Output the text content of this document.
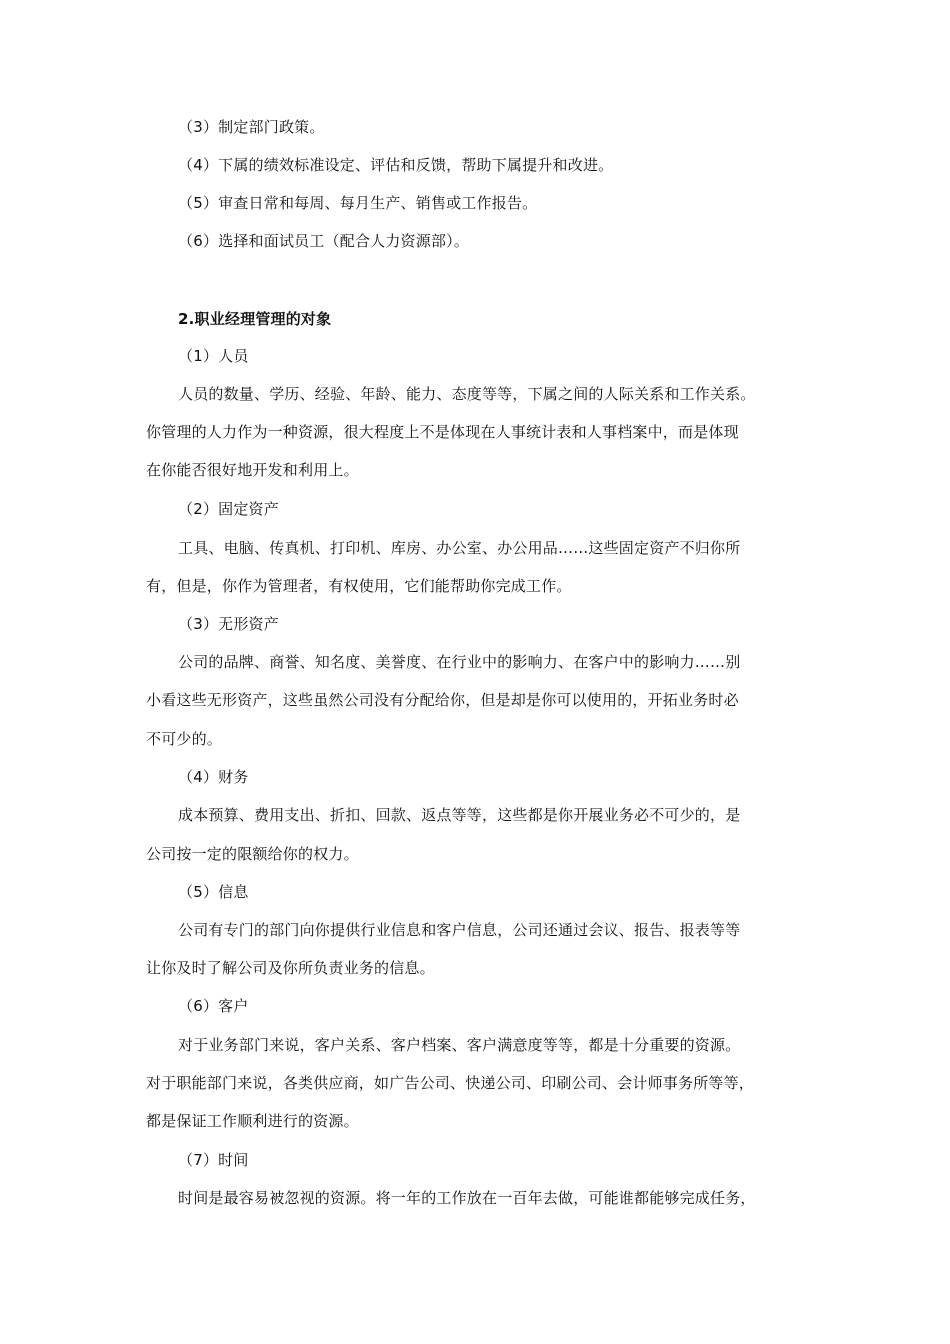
（3）制定部门政策。
（4）下属的绩效标准设定、评估和反馈，帮助下属提升和改进。
（5）审查日常和每周、每月生产、销售或工作报告。
（6）选择和面试员工（配合人力资源部）。
2.职业经理管理的对象
（1）人员
人员的数量、学历、经验、年龄、能力、态度等等，下属之间的人际关系和工作关系。
你管理的人力作为一种资源，很大程度上不是体现在人事统计表和人事档案中，而是体现
在你能否很好地开发和利用上。
（2）固定资产
工具、电脑、传真机、打印机、库房、办公室、办公用品……这些固定资产不归你所
有，但是，你作为管理者，有权使用，它们能帮助你完成工作。
（3）无形资产
公司的品牌、商誉、知名度、美誉度、在行业中的影响力、在客户中的影响力……别
小看这些无形资产，这些虽然公司没有分配给你，但是却是你可以使用的，开拓业务时必
不可少的。
（4）财务
成本预算、费用支出、折扣、回款、返点等等，这些都是你开展业务必不可少的，是
公司按一定的限额给你的权力。
（5）信息
公司有专门的部门向你提供行业信息和客户信息，公司还通过会议、报告、报表等等
让你及时了解公司及你所负责业务的信息。
（6）客户
对于业务部门来说，客户关系、客户档案、客户满意度等等，都是十分重要的资源。
对于职能部门来说，各类供应商，如广告公司、快递公司、印刷公司、会计师事务所等等，
都是保证工作顺利进行的资源。
（7）时间
时间是最容易被忽视的资源。将一年的工作放在一百年去做，可能谁都能够完成任务，
